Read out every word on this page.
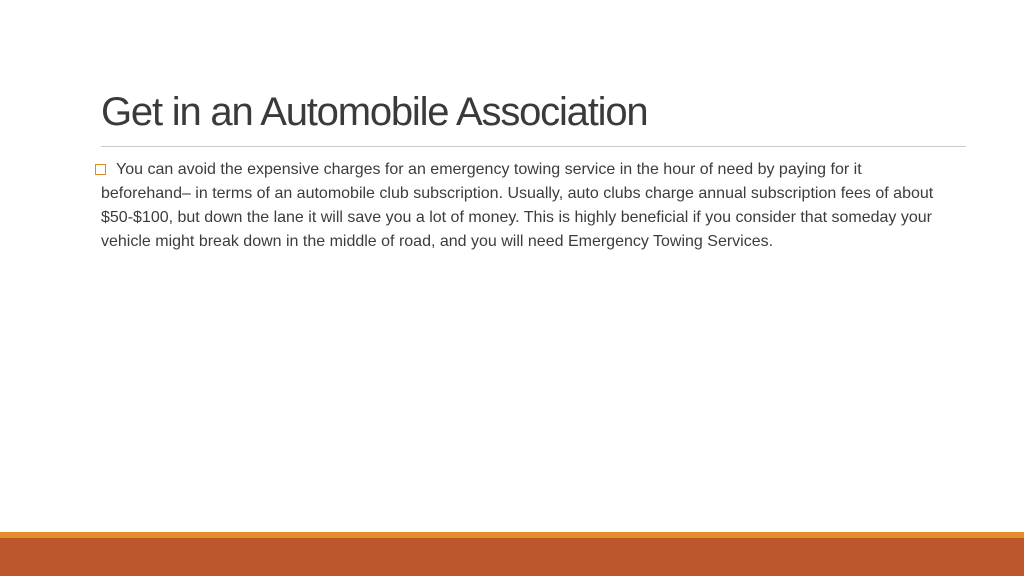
Get in an Automobile Association
You can avoid the expensive charges for an emergency towing service in the hour of need by paying for it beforehand– in terms of an automobile club subscription. Usually, auto clubs charge annual subscription fees of about $50-$100, but down the lane it will save you a lot of money. This is highly beneficial if you consider that someday your vehicle might break down in the middle of road, and you will need Emergency Towing Services.
